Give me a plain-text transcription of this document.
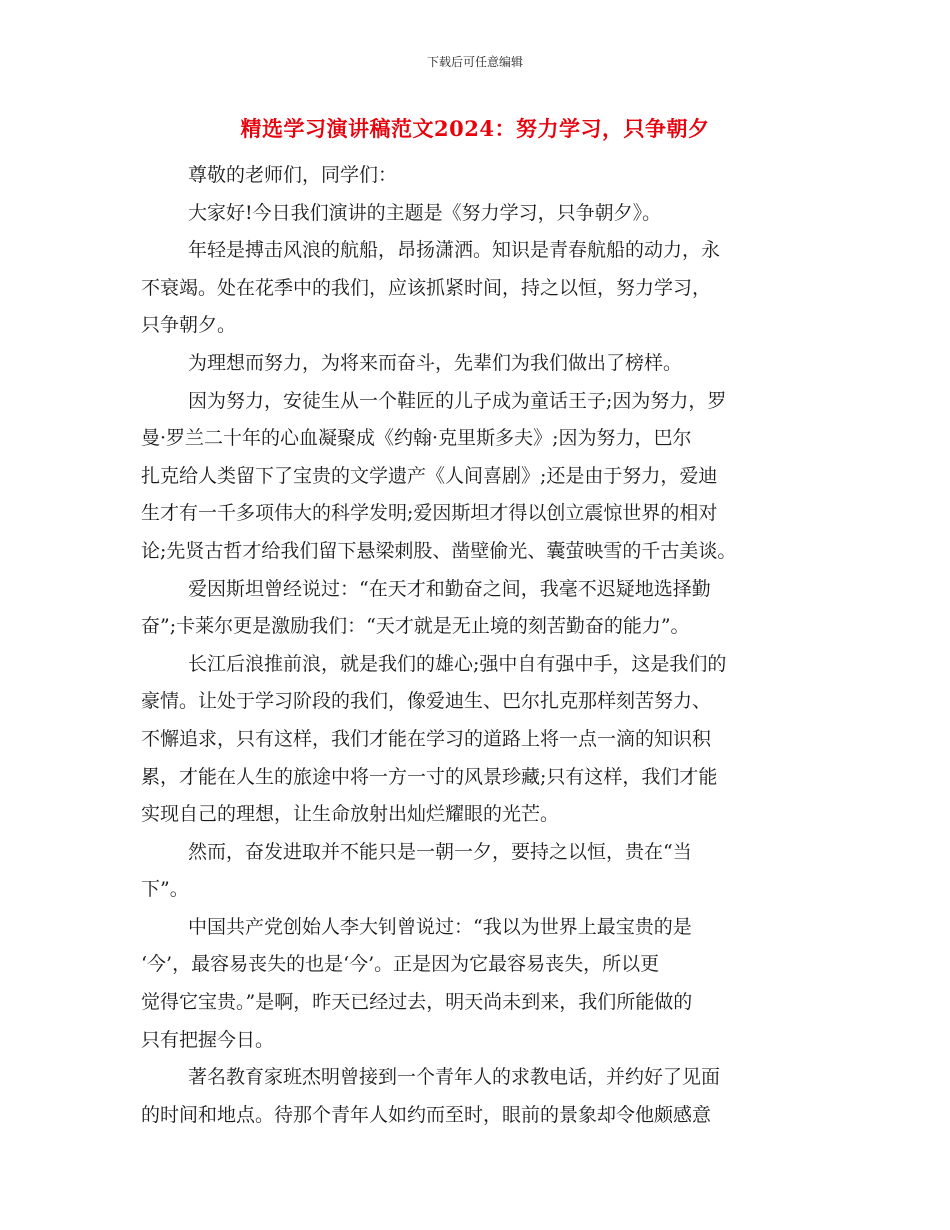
下载后可任意编辑
精选学习演讲稿范文2024：努力学习，只争朝夕
尊敬的老师们，同学们：
大家好!今日我们演讲的主题是《努力学习，只争朝夕》。
年轻是搏击风浪的航船，昂扬潇洒。知识是青春航船的动力，永
不衰竭。处在花季中的我们，应该抓紧时间，持之以恒，努力学习，
只争朝夕。
为理想而努力，为将来而奋斗，先辈们为我们做出了榜样。
因为努力，安徒生从一个鞋匠的儿子成为童话王子;因为努力，罗
曼·罗兰二十年的心血凝聚成《约翰·克里斯多夫》;因为努力，巴尔
扎克给人类留下了宝贵的文学遗产《人间喜剧》;还是由于努力，爱迪
生才有一千多项伟大的科学发明;爱因斯坦才得以创立震惊世界的相对
论;先贤古哲才给我们留下悬梁刺股、凿壁偷光、囊萤映雪的千古美谈。
爱因斯坦曾经说过：“在天才和勤奋之间，我毫不迟疑地选择勤
奋”;卡莱尔更是激励我们：“天才就是无止境的刻苦勤奋的能力”。
长江后浪推前浪，就是我们的雄心;强中自有强中手，这是我们的
豪情。让处于学习阶段的我们，像爱迪生、巴尔扎克那样刻苦努力、
不懈追求，只有这样，我们才能在学习的道路上将一点一滴的知识积
累，才能在人生的旅途中将一方一寸的风景珍藏;只有这样，我们才能
实现自己的理想，让生命放射出灿烂耀眼的光芒。
然而，奋发进取并不能只是一朝一夕，要持之以恒，贵在“当
下”。
中国共产党创始人李大钊曾说过：“我以为世界上最宝贵的是
‘今’，最容易丧失的也是‘今’。正是因为它最容易丧失，所以更
觉得它宝贵。”是啊，昨天已经过去，明天尚未到来，我们所能做的
只有把握今日。
著名教育家班杰明曾接到一个青年人的求教电话，并约好了见面
的时间和地点。待那个青年人如约而至时，眼前的景象却令他颇感意
